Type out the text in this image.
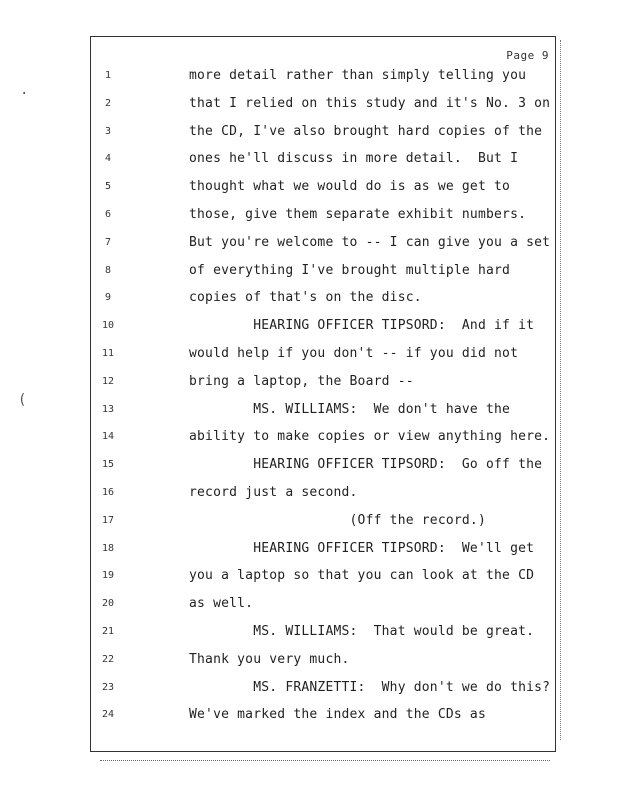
Page 9
1	more detail rather than simply telling you
2	that I relied on this study and it's No. 3 on
3	the CD, I've also brought hard copies of the
4	ones he'll discuss in more detail.  But I
5	thought what we would do is as we get to
6	those, give them separate exhibit numbers.
7	But you're welcome to -- I can give you a set
8	of everything I've brought multiple hard
9	copies of that's on the disc.
10	HEARING OFFICER TIPSORD:  And if it
11	would help if you don't -- if you did not
12	bring a laptop, the Board --
13	MS. WILLIAMS:  We don't have the
14	ability to make copies or view anything here.
15	HEARING OFFICER TIPSORD:  Go off the
16	record just a second.
17	(Off the record.)
18	HEARING OFFICER TIPSORD:  We'll get
19	you a laptop so that you can look at the CD
20	as well.
21	MS. WILLIAMS:  That would be great.
22	Thank you very much.
23	MS. FRANZETTI:  Why don't we do this?
24	We've marked the index and the CDs as
·
(
